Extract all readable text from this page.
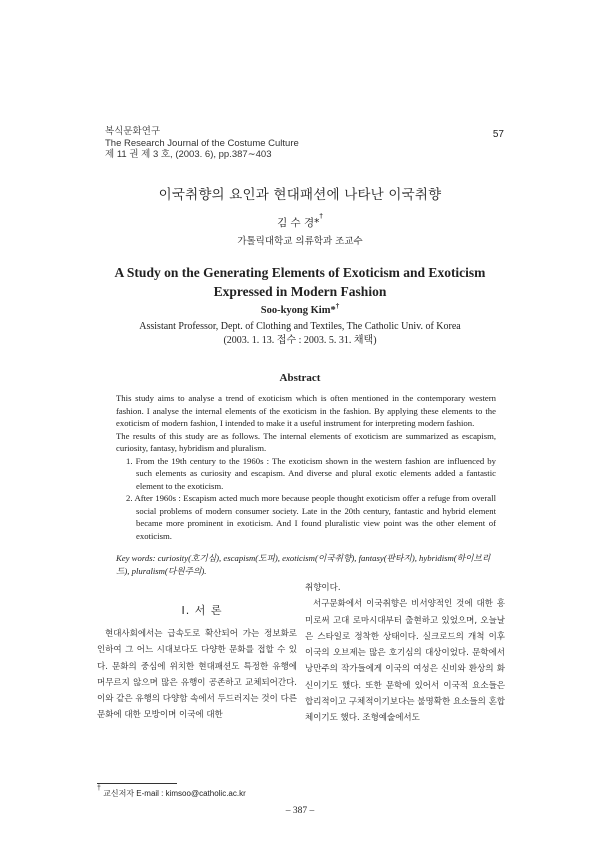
복식문화연구
The Research Journal of the Costume Culture
제 11 권 제 3 호, (2003. 6), pp.387∼403
57
이국취향의 요인과 현대패션에 나타난 이국취향
김 수 경*†
가톨릭대학교 의류학과 조교수
A Study on the Generating Elements of Exoticism and Exoticism
Expressed in Modern Fashion
Soo-kyong Kim*†
Assistant Professor, Dept. of Clothing and Textiles, The Catholic Univ. of Korea
(2003. 1. 13. 접수 : 2003. 5. 31. 채택)
Abstract

This study aims to analyse a trend of exoticism which is often mentioned in the contemporary western fashion. I analyse the internal elements of the exoticism in the fashion. By applying these elements to the exoticism of modern fashion, I intended to make it a useful instrument for interpreting modern fashion.

The results of this study are as follows. The internal elements of exoticism are summarized as escapism, curiosity, fantasy, hybridism and pluralism.

1. From the 19th century to the 1960s : The exoticism shown in the western fashion are influenced by such elements as curiosity and escapism. And diverse and plural exotic elements added a fantastic element to the exoticism.
2. After 1960s : Escapism acted much more because people thought exoticism offer a refuge from overall social problems of modern consumer society. Late in the 20th century, fantastic and hybrid element became more prominent in exoticism. And I found pluralistic view point was the other element of exoticism.
Key words: curiosity(호기심), escapism(도피), exoticism(이국취향), fantasy(판타지), hybridism(하이브리드), pluralism(다원주의).
Ⅰ. 서 론

현대사회에서는 급속도로 확산되어 가는 정보화로 인하여 그 어느 시대보다도 다양한 문화를 접할 수 있다. 문화의 중심에 위치한 현대패션도 특정한 유행에 머무르지 않으며 많은 유행이 공존하고 교체되어간다. 이와 같은 유행의 다양함 속에서 두드러지는 것이 다른 문화에 대한 모방이며 이국에 대한

취향이다.

서구문화에서 이국취향은 비서양적인 것에 대한 흥미로써 고대 로마시대부터 출현하고 있었으며, 오늘날은 스타일로 정착한 상태이다. 실크로드의 개척 이후 이국의 오브제는 많은 호기심의 대상이었다. 문학에서 낭만주의 작가들에게 이국의 여성은 신비와 환상의 화신이기도 했다. 또한 문학에 있어서 이국적 요소들은 합리적이고 구체적이기보다는 불명확한 요소들의 혼합체이기도 했다. 조형예술에서도

† 교신저자 E-mail : kimsoo@catholic.ac.kr
– 387 –
